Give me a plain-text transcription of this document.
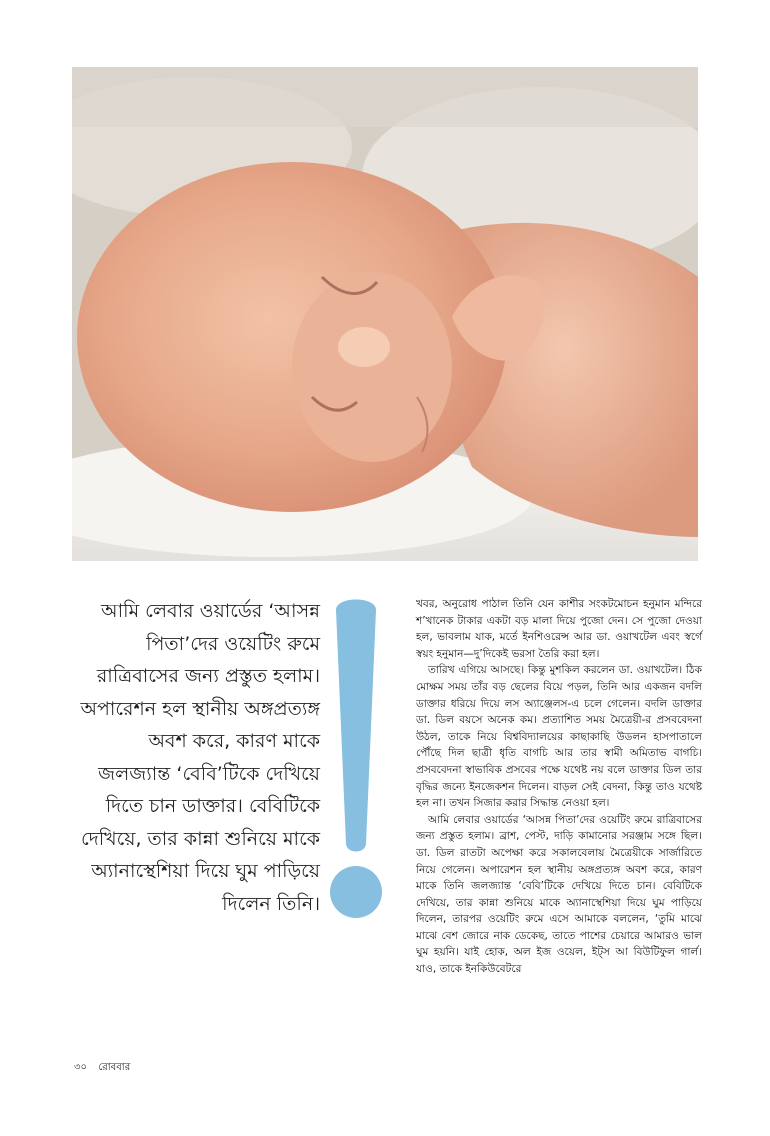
আমি লেবার ওয়ার্ডের ‘আসন্ন পিতা’দের ওয়েটিং রুমে রাত্রিবাসের জন্য প্রস্তুত হলাম। অপারেশন হল স্থানীয় অঙ্গপ্রত্যঙ্গ অবশ করে, কারণ মাকে জলজ্যান্ত ‘বেবি’টিকে দেখিয়ে দিতে চান ডাক্তার। বেবিটিকে দেখিয়ে, তার কান্না শুনিয়ে মাকে অ্যানাস্থেশিয়া দিয়ে ঘুম পাড়িয়ে দিলেন তিনি।

খবর, অনুরোধ পাঠাল তিনি যেন কাশীর সংকটমোচন হনুমান মন্দিরে শ’খানেক টাকার একটা বড় মালা দিয়ে পুজো দেন। সে পুজো দেওয়া হল, ভাবলাম যাক, মর্তে ইনশিওরেন্স আর ডা. ওয়াখটেল এবং স্বর্গে স্বয়ং হনুমান—দু’দিকেই ভরসা তৈরি করা হল।

তারিখ এগিয়ে আসছে। কিন্তু মুশকিল করলেন ডা. ওয়াখটেল। ঠিক মোক্ষম সময় তাঁর বড় ছেলের বিয়ে পড়ল, তিনি আর একজন বদলি ডাক্তার ধরিয়ে দিয়ে লস অ্যাঞ্জেলস-এ চলে গেলেন। বদলি ডাক্তার ডা. ডিল বয়সে অনেক কম। প্রত্যাশিত সময় মৈত্রেয়ী-র প্রসববেদনা উঠল, তাকে নিয়ে বিশ্ববিদ্যালয়ের কাছাকাছি উডলন হাসপাতালে পৌঁছে দিল ছাত্রী ধৃতি বাগচি আর তার স্বামী অমিতাভ বাগচি। প্রসববেদনা স্বাভাবিক প্রসবের পক্ষে যথেষ্ট নয় বলে ডাক্তার ডিল তার বৃদ্ধির জন্যে ইনজেকশন দিলেন। বাড়ল সেই বেদনা, কিন্তু তাও যথেষ্ট হল না। তখন সিজার করার সিদ্ধান্ত নেওয়া হল।

আমি লেবার ওয়ার্ডের ‘আসন্ন পিতা’দের ওয়েটিং রুমে রাত্রিবাসের জন্য প্রস্তুত হলাম। ব্রাশ, পেস্ট, দাড়ি কামানোর সরঞ্জাম সঙ্গে ছিল। ডা. ডিল রাতটা অপেক্ষা করে সকালবেলায় মৈত্রেয়ীকে সার্জারিতে নিয়ে গেলেন। অপারেশন হল স্থানীয় অঙ্গপ্রত্যঙ্গ অবশ করে, কারণ মাকে তিনি জলজ্যান্ত ‘বেবি’টিকে দেখিয়ে দিতে চান। বেবিটিকে দেখিয়ে, তার কান্না শুনিয়ে মাকে অ্যানাস্থেশিয়া দিয়ে ঘুম পাড়িয়ে দিলেন, তারপর ওয়েটিং রুমে এসে আমাকে বললেন, ‘তুমি মাঝে মাঝে বেশ জোরে নাক ডেকেছ, তাতে পাশের চেয়ারে আমারও ভাল ঘুম হয়নি। যাই হোক, অল ইজ ওয়েল, ইট্‌স আ বিউটিফুল গার্ল। যাও, তাকে ইনকিউবেটরে

৩০ রোববার
